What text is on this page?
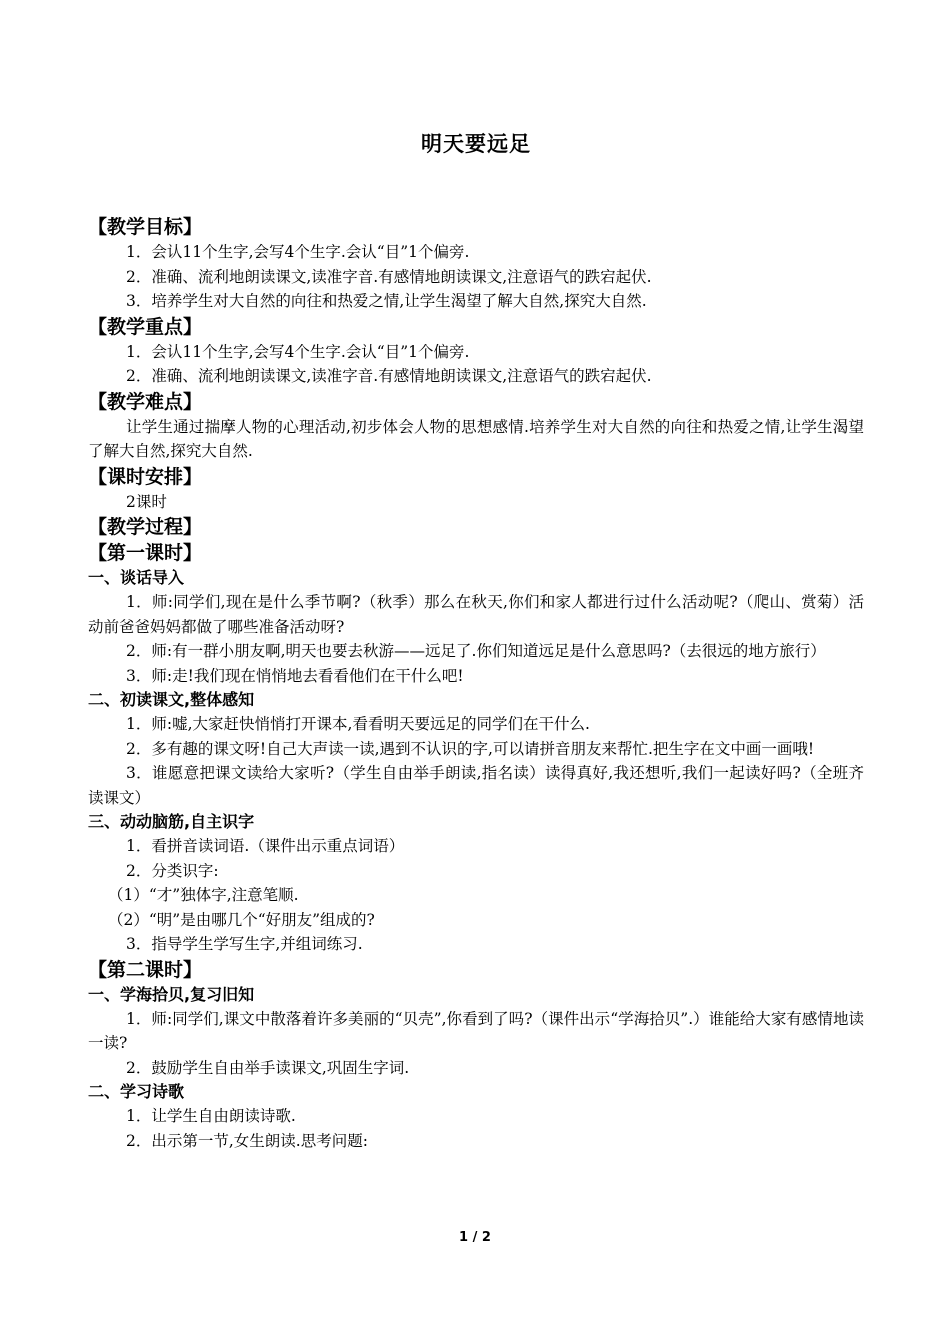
明天要远足
【教学目标】
1．会认11个生字,会写4个生字.会认“目”1个偏旁.
2．准确、流利地朗读课文,读准字音.有感情地朗读课文,注意语气的跌宕起伏.
3．培养学生对大自然的向往和热爱之情,让学生渴望了解大自然,探究大自然.
【教学重点】
1．会认11个生字,会写4个生字.会认“目”1个偏旁.
2．准确、流利地朗读课文,读准字音.有感情地朗读课文,注意语气的跌宕起伏.
【教学难点】
让学生通过揣摩人物的心理活动,初步体会人物的思想感情.培养学生对大自然的向往和热爱之情,让学生渴望了解大自然,探究大自然.
【课时安排】
2课时
【教学过程】
【第一课时】
一、谈话导入
1．师:同学们,现在是什么季节啊?（秋季）那么在秋天,你们和家人都进行过什么活动呢?（爬山、赏菊）活动前爸爸妈妈都做了哪些准备活动呀?
2．师:有一群小朋友啊,明天也要去秋游——远足了.你们知道远足是什么意思吗?（去很远的地方旅行）
3．师:走!我们现在悄悄地去看看他们在干什么吧!
二、初读课文,整体感知
1．师:嘘,大家赶快悄悄打开课本,看看明天要远足的同学们在干什么.
2．多有趣的课文呀!自己大声读一读,遇到不认识的字,可以请拼音朋友来帮忙.把生字在文中画一画哦!
3．谁愿意把课文读给大家听?（学生自由举手朗读,指名读）读得真好,我还想听,我们一起读好吗?（全班齐读课文）
三、动动脑筋,自主识字
1．看拼音读词语.（课件出示重点词语）
2．分类识字:
（1）“才”独体字,注意笔顺.
（2）“明”是由哪几个“好朋友”组成的?
3．指导学生学写生字,并组词练习.
【第二课时】
一、学海拾贝,复习旧知
1．师:同学们,课文中散落着许多美丽的“贝壳”,你看到了吗?（课件出示“学海拾贝”.）谁能给大家有感情地读一读?
2．鼓励学生自由举手读课文,巩固生字词.
二、学习诗歌
1．让学生自由朗读诗歌.
2．出示第一节,女生朗读.思考问题:
1 / 2
